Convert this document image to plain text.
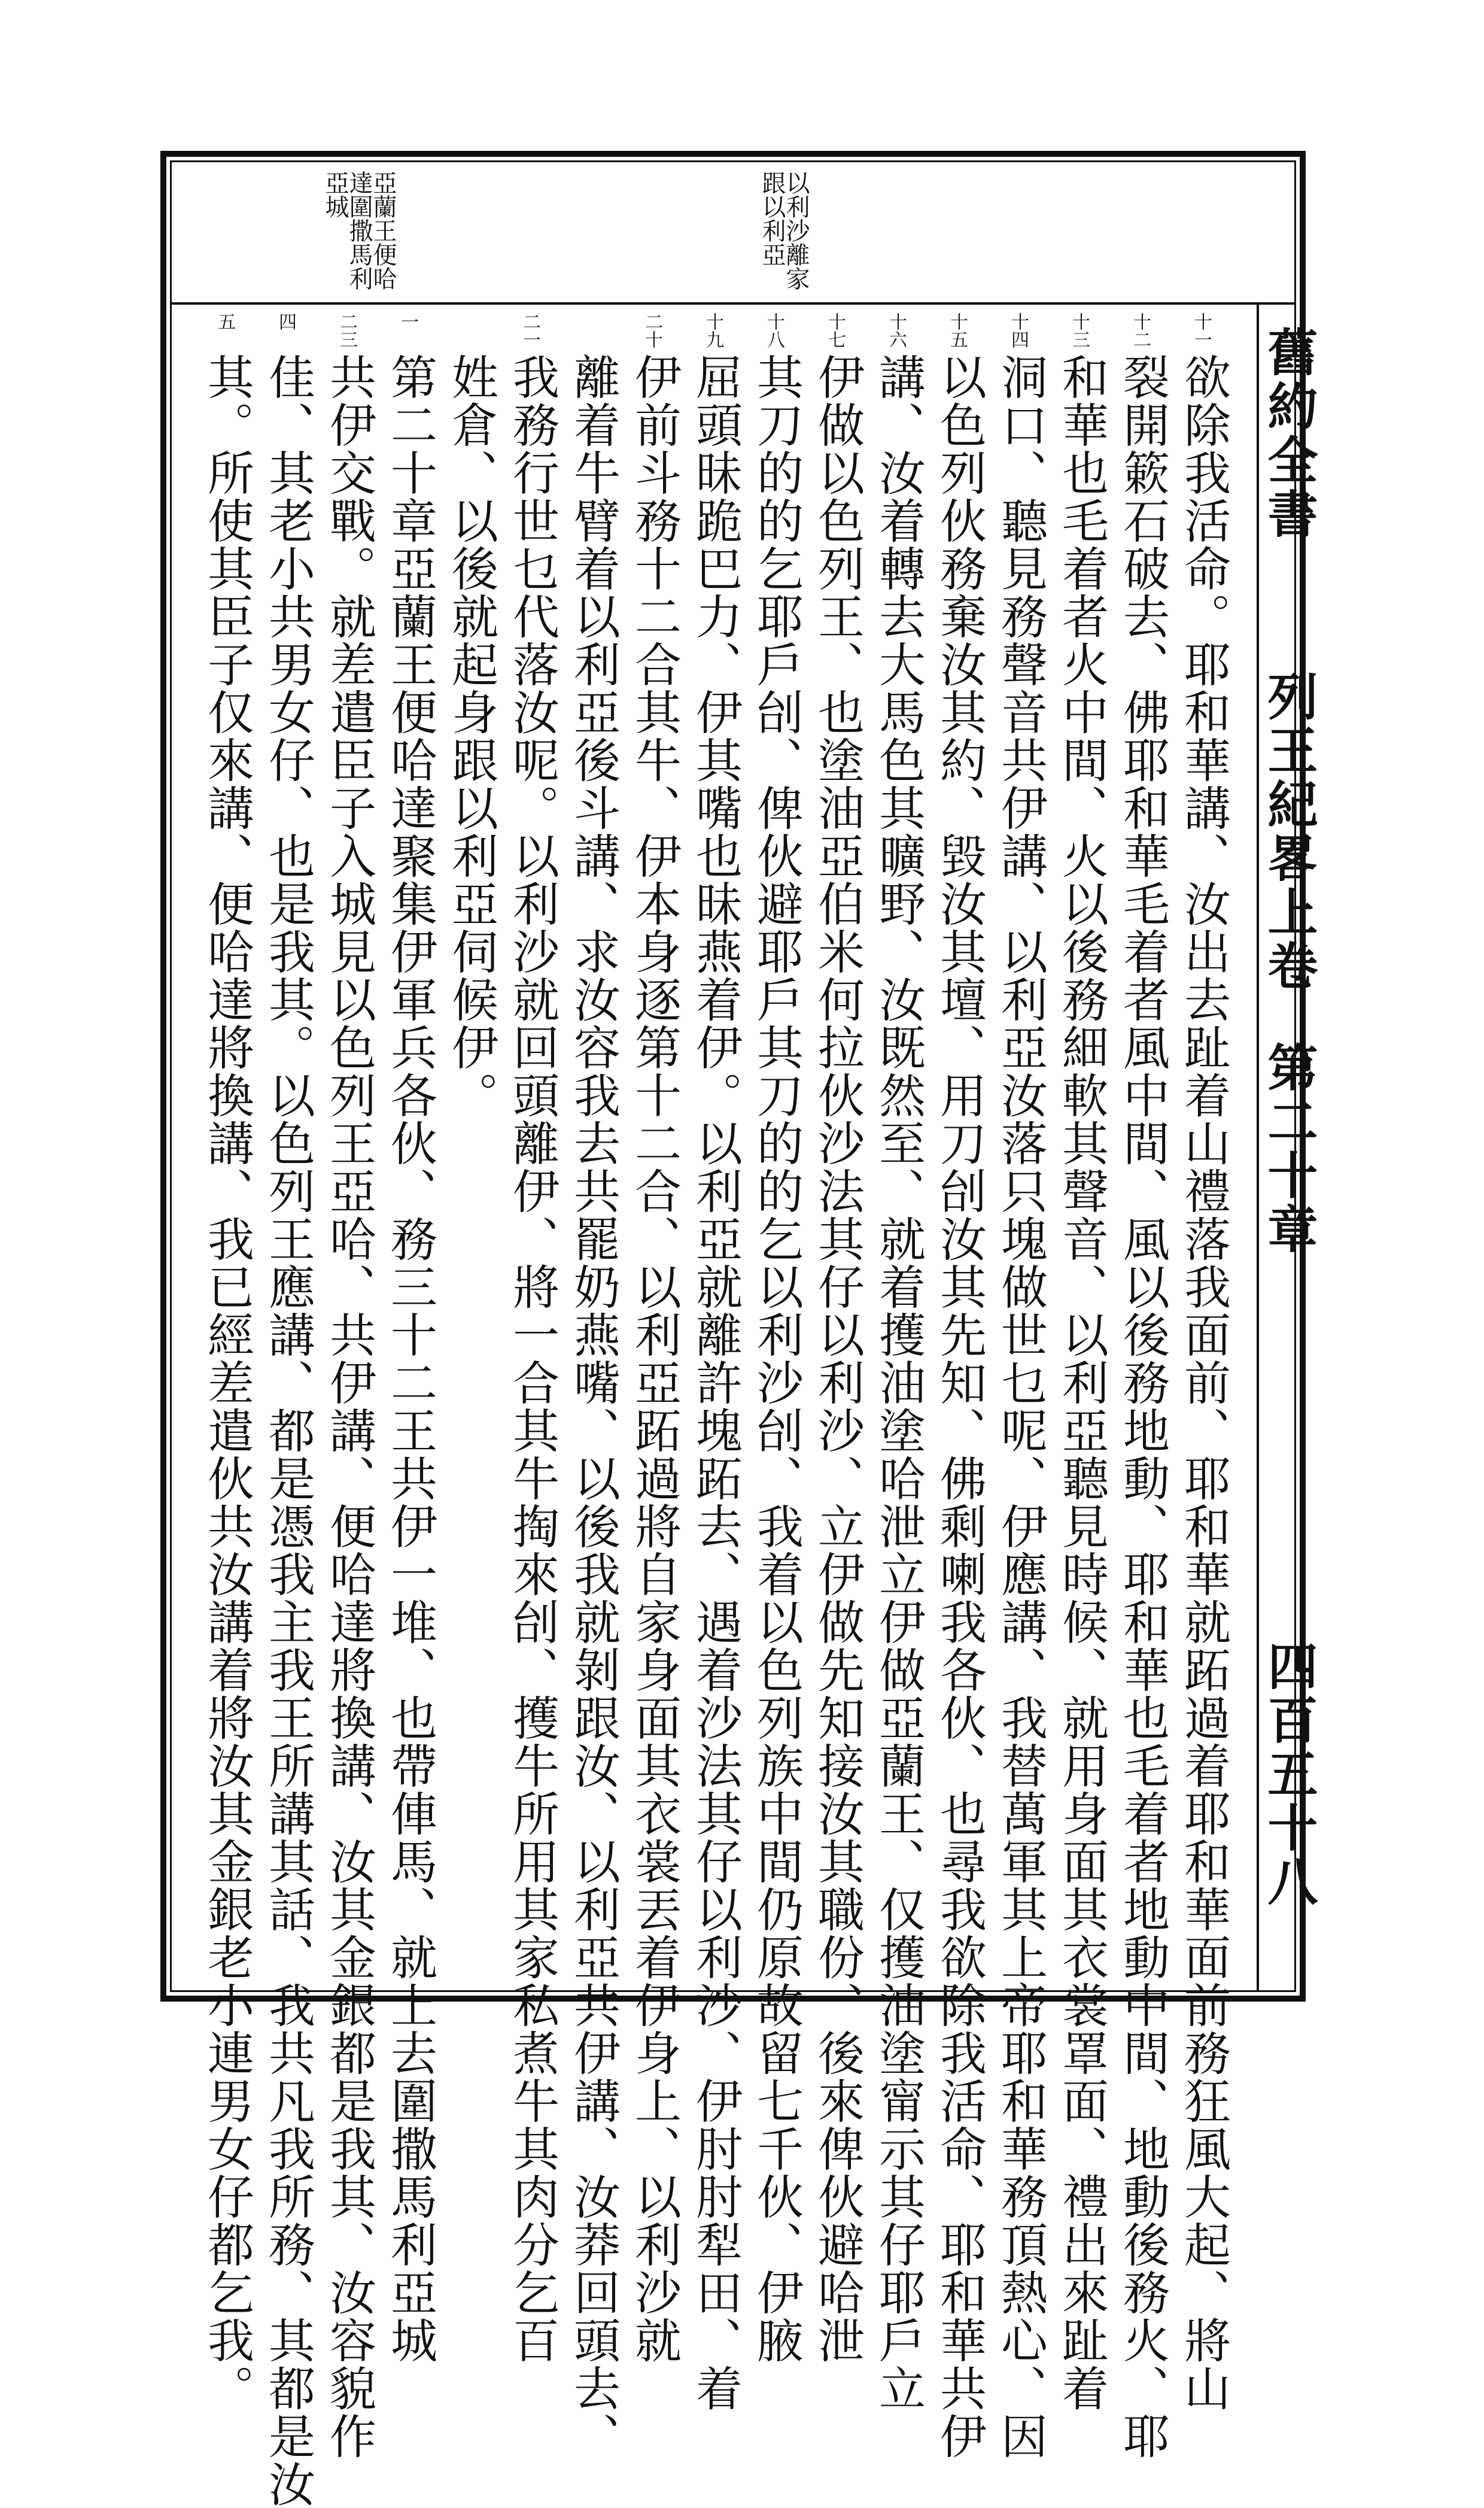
舊約全書
列王紀畧上卷
第二十章
四百五十八
亞蘭王便哈達圍撒馬利亞城	以利沙離家跟以利亞
十一
十二
十三
十四
十五
十六
十七
十八
十九
二十
二一
一
二三
四
五
欲除我活命。耶和華講、汝出去趾着山禮落我面前、耶和華就跖過着耶和華面前務狂風大起、將山
裂開簌石破去、佛耶和華毛着者風中間、風以後務地動、耶和華也毛着者地動中間、地動後務火、耶
和華也毛着者火中間、火以後務細軟其聲音、以利亞聽見時候、就用身面其衣裳罩面、禮出來趾着
洞口、聽見務聲音共伊講、以利亞汝落只塊做世乜呢、伊應講、我替萬軍其上帝耶和華務頂熱心、因
以色列伙務棄汝其約、毀汝其壇、用刀刣汝其先知、佛剩喇我各伙、也尋我欲除我活命、耶和華共伊
講、汝着轉去大馬色其曠野、汝既然至、就着擭油塗哈泄立伊做亞蘭王、仅擭油塗甯示其仔耶戶立
伊做以色列王、也塗油亞伯米何拉伙沙法其仔以利沙、立伊做先知接汝其職份、後來俾伙避哈泄
其刀的的乞耶戶刣、俾伙避耶戶其刀的的乞以利沙刣、我着以色列族中間仍原故留七千伙、伊腋
屈頭昧跪巴力、伊其嘴也昧燕着伊。以利亞就離許塊跖去、遇着沙法其仔以利沙、伊肘肘犁田、着
伊前斗務十二合其牛、伊本身逐第十二合、以利亞跖過將自家身面其衣裳丟着伊身上、以利沙就
離着牛臂着以利亞後斗講、求汝容我去共罷奶燕嘴、以後我就剝跟汝、以利亞共伊講、汝莽回頭去、
我務行世乜代落汝呢。以利沙就回頭離伊、將一合其牛掏來刣、擭牛所用其家私煮牛其肉分乞百
姓倉、以後就起身跟以利亞伺候伊。
第二十章亞蘭王便哈達聚集伊軍兵各伙、務三十二王共伊一堆、也帶俥馬、就上去圍撒馬利亞城
共伊交戰。就差遣臣子入城見以色列王亞哈、共伊講、便哈達將換講、汝其金銀都是我其、汝容貌作
佳、其老小共男女仔、也是我其。以色列王應講、都是憑我主我王所講其話、我共凡我所務、其都是汝
其。所使其臣子仅來講、便哈達將換講、我已經差遣伙共汝講着將汝其金銀老小連男女仔都乞我。
